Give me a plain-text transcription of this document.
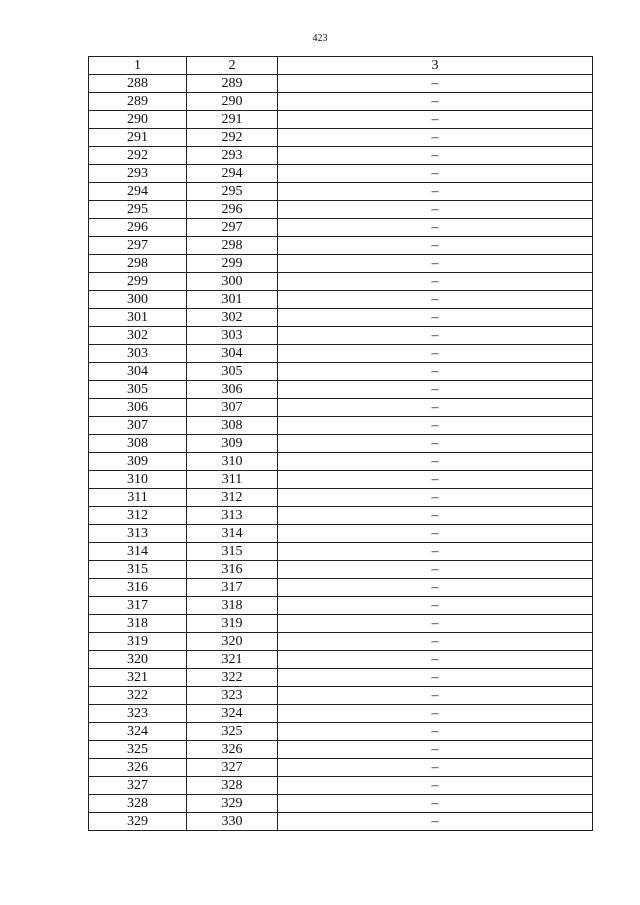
423
1	2	3
288	289	–
289	290	–
290	291	–
291	292	–
292	293	–
293	294	–
294	295	–
295	296	–
296	297	–
297	298	–
298	299	–
299	300	–
300	301	–
301	302	–
302	303	–
303	304	–
304	305	–
305	306	–
306	307	–
307	308	–
308	309	–
309	310	–
310	311	–
311	312	–
312	313	–
313	314	–
314	315	–
315	316	–
316	317	–
317	318	–
318	319	–
319	320	–
320	321	–
321	322	–
322	323	–
323	324	–
324	325	–
325	326	–
326	327	–
327	328	–
328	329	–
329	330	–
